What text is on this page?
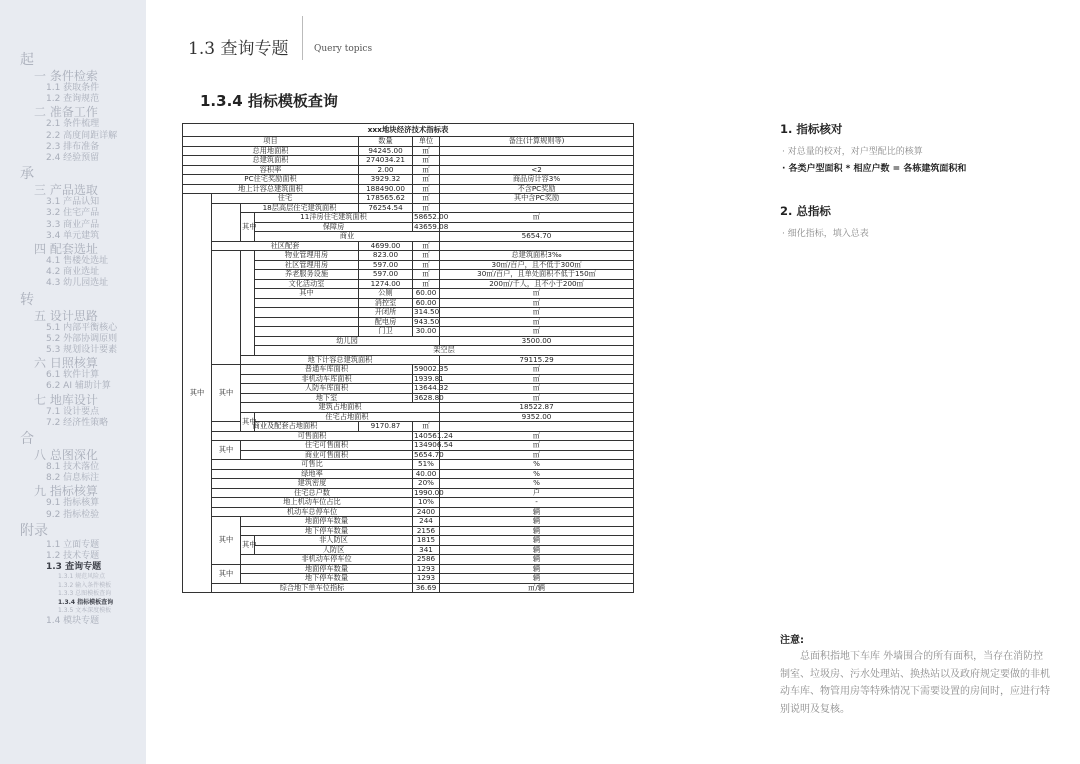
起
一 条件检索
1.1 获取条件
1.2 查询规范
二 准备工作
2.1 条件梳理
2.2 高度间距详解
2.3 排布准备
2.4 经验预留
承
三 产品选取
3.1 产品认知
3.2 住宅产品
3.3 商业产品
3.4 单元建筑
四 配套选址
4.1 售楼处选址
4.2 商业选址
4.3 幼儿园选址
转
五 设计思路
5.1 内部平衡核心
5.2 外部协调原则
5.3 规划设计要素
六 日照核算
6.1 软件计算
6.2 AI 辅助计算
七 地库设计
7.1 设计要点
7.2 经济性策略
合
八 总图深化
8.1 技术落位
8.2 信息标注
九 指标核算
9.1 指标核算
9.2 指标检验
附录
1.1 立面专题
1.2 技术专题
1.3 查询专题
1.3.1 规范风险点
1.3.2 输入条件模板
1.3.3 总图模板查询
1.3.4 指标模板查询
1.3.5 文本深度模板
1.4 模块专题
1.3 查询专题	Query topics
1.3.4 指标模板查询
xxx地块经济技术指标表							
项目				数量	单位	备注(计算规则等)	
总用地面积				94245.00	㎡		
总建筑面积				274034.21	㎡		
容积率				2.00	㎡	<2	
PC住宅奖励面积				3929.32	㎡	商品房计容3%	
地上计容总建筑面积				188490.00	㎡	不含PC奖励	
其中	住宅			178565.62	㎡	其中含PC奖励	
		18层高层住宅建筑面积		76254.54	㎡		
		其中	11洋房住宅建筑面积		58652.00	㎡	
			保障房		43659.08		
			商业			5654.70		
	社区配套			4699.00	㎡		
			物业管理用房	823.00	㎡	总建筑面积3‰	
			社区管理用房	597.00	㎡	30㎡/百户，且不低于300㎡	
			养老服务设施	597.00	㎡	30㎡/百户，且单处面积不低于150㎡	
			文化活动室	1274.00	㎡	200㎡/千人，且不小于200㎡	
			其中	公厕	60.00	㎡	
				消控室	60.00	㎡	
				开闭所	314.50	㎡	
				配电房	943.50	㎡	
				门卫	30.00	㎡	
			幼儿园			3500.00		
			架空层			
		地下计容总建筑面积				79115.29		
	其中	普通车库面积			59002.35	㎡	
		非机动车库面积			1939.81	㎡	
		人防车库面积			13644.32	㎡	
		地下室			3628.80	㎡	
		建筑占地面积				18522.87		
		其中	住宅占地面积			9352.00		
	商业及配套占地面积			9170.87	㎡		
	可售面积				140561.24	㎡	
	其中	住宅可售面积			134906.54	㎡	
		商业可售面积			5654.70	㎡	
	可售比				51%	%	
	绿地率				40.00	%	
	建筑密度				20%	%	
	住宅总户数				1990.00	户	
	地上机动车位占比				10%	-	
	机动车总停车位				2400	辆	
	其中	地面停车数量			244	辆	
		地下停车数量			2156	辆	
		其中	非人防区		1815	辆	
			人防区		341	辆	
		非机动车停车位			2586	辆	
	其中	地面停车数量			1293	辆	
		地下停车数量			1293	辆	
	综合地下单车位指标				36.69	㎡/辆	
1. 指标核对
· 对总量的校对，对户型配比的核算
· 各类户型面积 * 相应户数 = 各栋建筑面积和
2. 总指标
· 细化指标，填入总表
注意:
总面积指地下车库 外墙围合的所有面积，当存在消防控制室、垃圾房、污水处理站、换热站以及政府规定要做的非机动车库、物管用房等特殊情况下需要设置的房间时，应进行特别说明及复核。
